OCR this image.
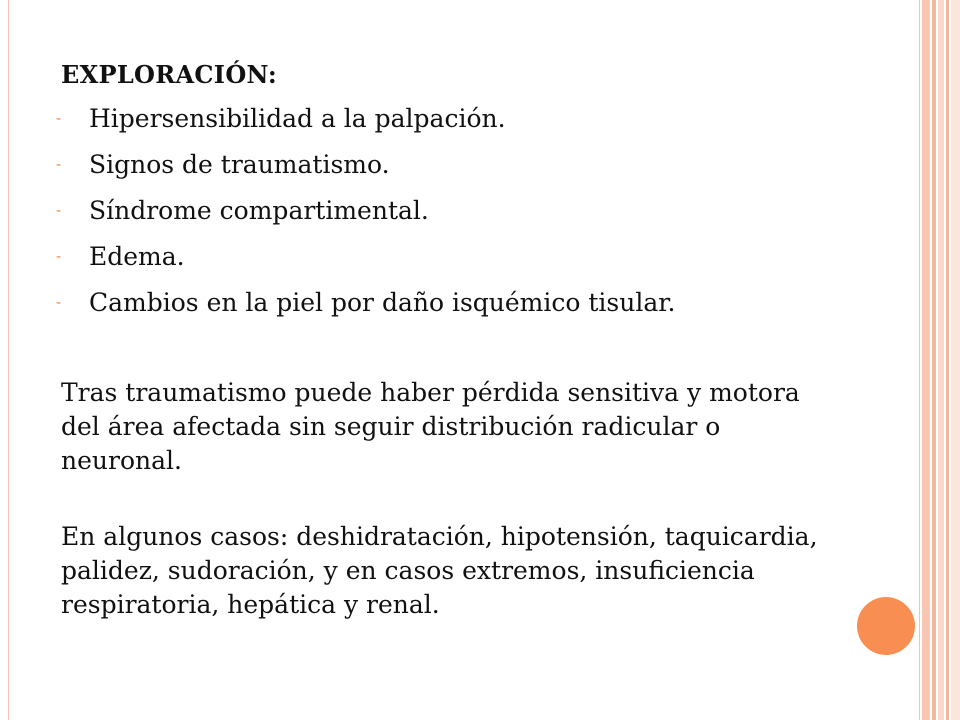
EXPLORACIÓN:
- Hipersensibilidad a la palpación.
- Signos de traumatismo.
- Síndrome compartimental.
- Edema.
- Cambios en la piel por daño isquémico tisular.

Tras traumatismo puede haber pérdida sensitiva y motora del área afectada sin seguir distribución radicular o neuronal.

En algunos casos: deshidratación, hipotensión, taquicardia, palidez, sudoración, y en casos extremos, insuficiencia respiratoria, hepática y renal.
